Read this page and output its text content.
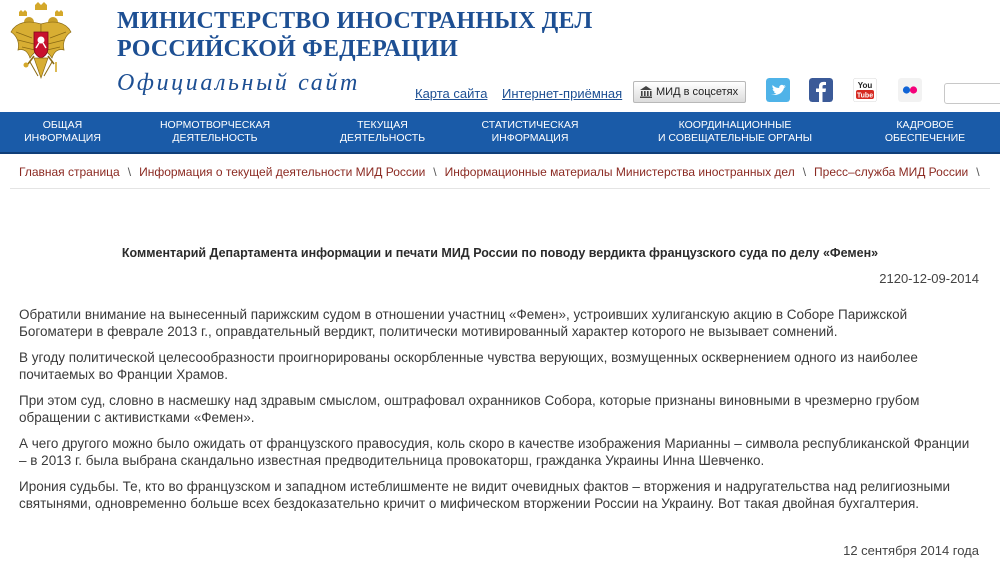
МИНИСТЕРСТВО ИНОСТРАННЫХ ДЕЛ
РОССИЙСКОЙ ФЕДЕРАЦИИ
Официальный сайт	Карта сайта Интернет-приёмная	МИД в соцсетях
You
Tube
ОБЩАЯ
ИНФОРМАЦИЯ
НОРМОТВОРЧЕСКАЯ
ДЕЯТЕЛЬНОСТЬ
ТЕКУЩАЯ
ДЕЯТЕЛЬНОСТЬ
СТАТИСТИЧЕСКАЯ
ИНФОРМАЦИЯ
КООРДИНАЦИОННЫЕ
И СОВЕЩАТЕЛЬНЫЕ ОРГАНЫ
КАДРОВОЕ
ОБЕСПЕЧЕНИЕ
Главная страница \ Информация о текущей деятельности МИД России \ Информационные материалы Министерства иностранных дел \ Пресс–служба МИД России \
Комментарий Департамента информации и печати МИД России по поводу вердикта французского суда по делу «Фемен»
2120-12-09-2014

Обратили внимание на вынесенный парижским судом в отношении участниц «Фемен», устроивших хулиганскую акцию в Соборе Парижской Богоматери в феврале 2013 г., оправдательный вердикт, политически мотивированный характер которого не вызывает сомнений.

В угоду политической целесообразности проигнорированы оскорбленные чувства верующих, возмущенных осквернением одного из наиболее почитаемых во Франции Храмов.

При этом суд, словно в насмешку над здравым смыслом, оштрафовал охранников Собора, которые признаны виновными в чрезмерно грубом обращении с активистками «Фемен».

А чего другого можно было ожидать от французского правосудия, коль скоро в качестве изображения Марианны – символа республиканской Франции – в 2013 г. была выбрана скандально известная предводительница провокаторш, гражданка Украины Инна Шевченко.

Ирония судьбы. Те, кто во французском и западном истеблишменте не видит очевидных фактов – вторжения и надругательства над религиозными святынями, одновременно больше всех бездоказательно кричит о мифическом вторжении России на Украину. Вот такая двойная бухгалтерия.

12 сентября 2014 года
